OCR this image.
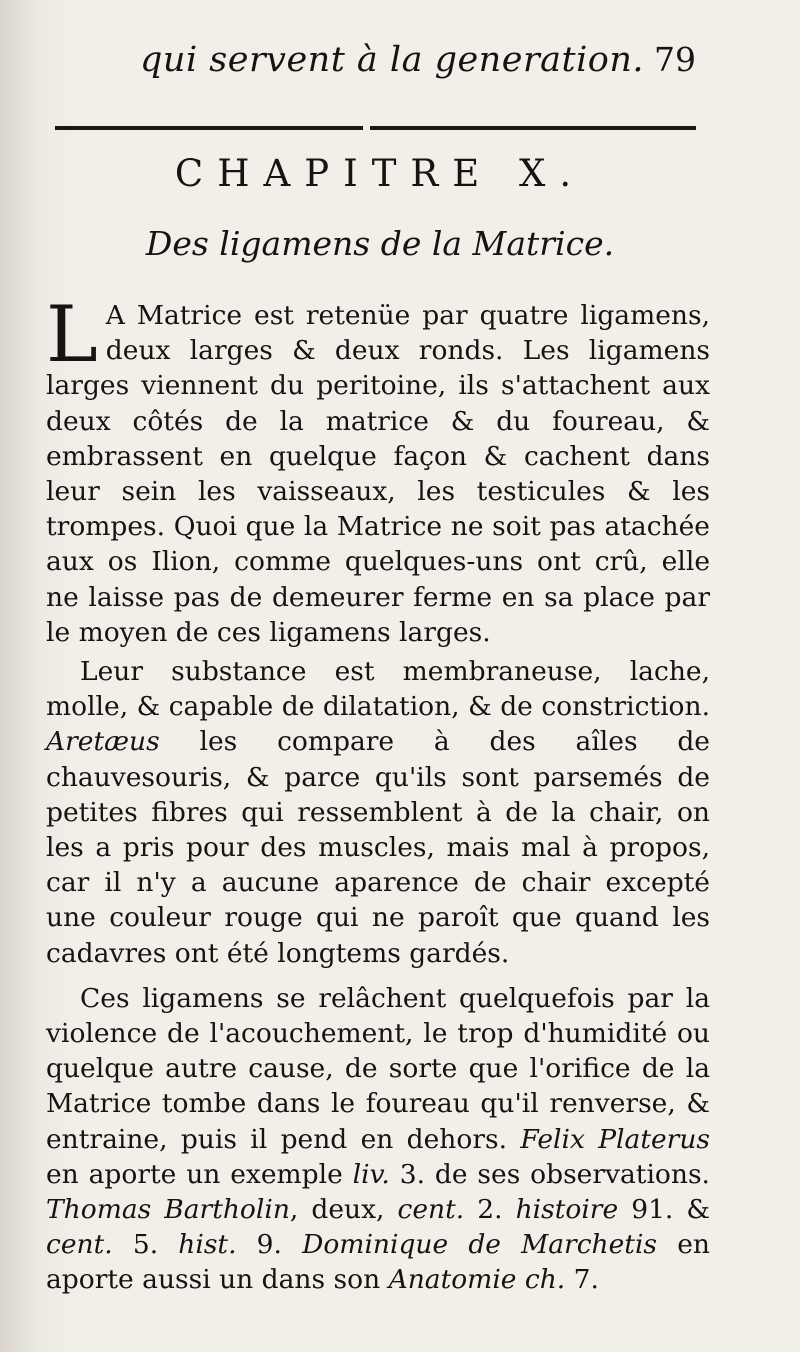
qui servent à la generation. 79
CHAPITRE X.
Des ligamens de la Matrice.

L A Matrice est retenüe par quatre ligamens, deux larges & deux ronds. Les ligamens larges viennent du peritoine, ils s'attachent aux deux côtés de la matrice & du foureau, & embrassent en quelque façon & cachent dans leur sein les vaisseaux, les testicules & les trompes. Quoi que la Matrice ne soit pas atachée aux os Ilion, comme quelques-uns ont crû, elle ne laisse pas de demeurer ferme en sa place par le moyen de ces ligamens larges.

Leur substance est membraneuse, lache, molle, & capable de dilatation, & de constriction. Aretæus les compare à des aîles de chauvesouris, & parce qu'ils sont parsemés de petites fibres qui ressemblent à de la chair, on les a pris pour des muscles, mais mal à propos, car il n'y a aucune aparence de chair excepté une couleur rouge qui ne paroît que quand les cadavres ont été longtems gardés.

Ces ligamens se relâchent quelquefois par la violence de l'acouchement, le trop d'humidité ou quelque autre cause, de sorte que l'orifice de la Matrice tombe dans le foureau qu'il renverse, & entraine, puis il pend en dehors. Felix Platerus en aporte un exemple liv. 3. de ses observations. Thomas Bartholin, deux, cent. 2. histoire 91. & cent. 5. hist. 9. Dominique de Marchetis en aporte aussi un dans son Anatomie ch. 7.
